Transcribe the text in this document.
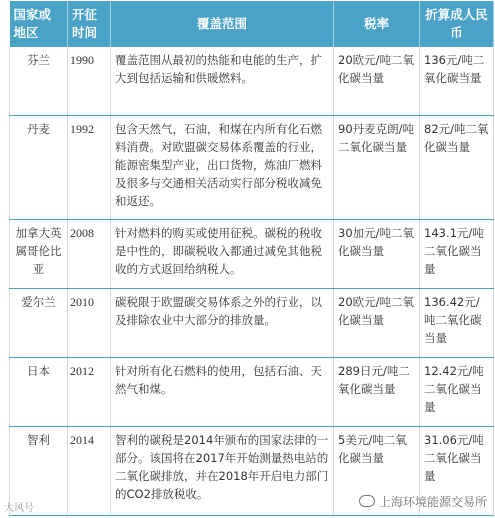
国家或地区	开征时间	覆盖范围	税率	折算成人民币
芬兰	1990	覆盖范围从最初的热能和电能的生产，扩大到包括运输和供暖燃料。	20欧元/吨二氧化碳当量	136元/吨二氧化碳当量
丹麦	1992	包含天然气，石油，和煤在内所有化石燃料消费。对欧盟碳交易体系覆盖的行业，能源密集型产业，出口货物，炼油厂燃料及很多与交通相关活动实行部分税收减免和返还。	90丹麦克朗/吨二氧化碳当量	82元/吨二氧化碳当量
加拿大英属哥伦比亚	2008	针对燃料的购买或使用征税。碳税的税收是中性的，即碳税收入都通过减免其他税收的方式返回给纳税人。	30加元/吨二氧化碳当量	143.1元/吨二氧化碳当量
爱尔兰	2010	碳税限于欧盟碳交易体系之外的行业，以及排除农业中大部分的排放量。	20欧元/吨二氧化碳当量	136.42元/吨二氧化碳当量
日本	2012	针对所有化石燃料的使用，包括石油、天然气和煤。	289日元/吨二氧化碳当量	12.42元/吨二氧化碳当量
智利	2014	智利的碳税是2014年颁布的国家法律的一部分。该国将在2017年开始测量热电站的二氧化碳排放，并在2018年开启电力部门的CO2排放税收。	5美元/吨二氧化碳当量	31.06元/吨二氧化碳当量
大风号	上海环境能源交易所
